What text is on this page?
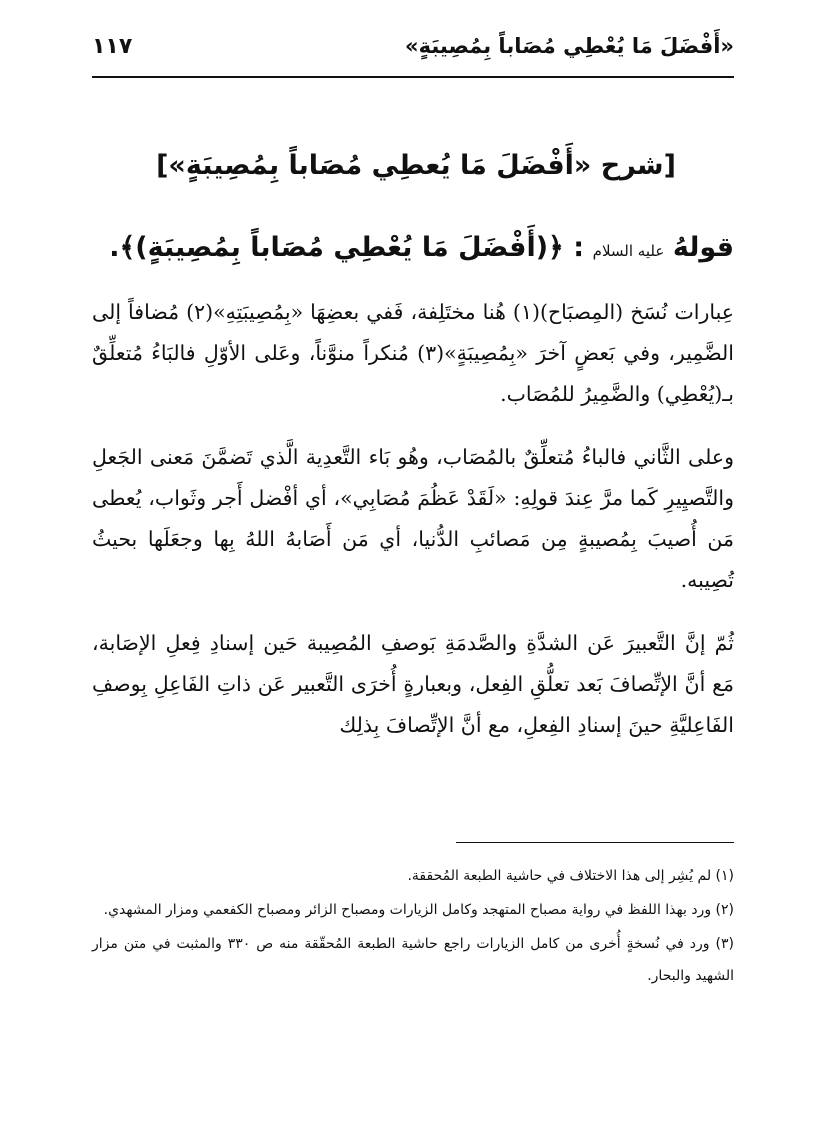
«أَفْضَلَ مَا يُعْطِي مُصَاباً بِمُصِيبَةٍ»
١١٧
[شرح «أَفْضَلَ مَا يُعطِي مُصَاباً بِمُصِيبَةٍ»]
قولهُ عليه السلام : ﴿(أَفْضَلَ مَا يُعْطِي مُصَاباً بِمُصِيبَةٍ)﴾.

عِبارات نُسَخ (المِصبَاح)(١) هُنا مختَلِفة، فَفي بعضِهَا «بِمُصِيبَتِهِ»(٢) مُضافاً إلى الضَّمِير، وفي بَعضٍ آخرَ «بِمُصِيبَةٍ»(٣) مُنكراً منوَّناً، وعَلى الأوّلِ فالبَاءُ مُتعلِّقٌ بـ(يُعْطِي) والضَّمِيرُ للمُصَاب.

وعلى الثَّاني فالباءُ مُتعلِّقٌ بالمُصَاب، وهُو بَاء التَّعدِية الَّذي تَضمَّنَ مَعنى الجَعلِ والتَّصيِيرِ كَما مرَّ عِندَ قولِهِ: «لَقَدْ عَظُمَ مُصَابِي»، أي أفْضل أَجر وثَواب، يُعطى مَن أُصيبَ بِمُصيبةٍ مِن مَصائبِ الدُّنيا، أي مَن أَصَابهُ اللهُ بِها وجعَلَها بحيثُ تُصِيبه.

ثُمّ إنَّ التَّعبيرَ عَن الشدَّةِ والصَّدمَةِ بَوصفِ المُصِيبة حَين إسنادِ فِعلِ الإصَابة، مَع أنَّ الإتِّصافَ بَعد تعلُّقِ الفِعل، وبعبارةٍ أُخرَى التَّعبير عَن ذاتِ الفَاعِلِ بِوصفِ الفَاعِليَّةِ حينَ إسنادِ الفِعلِ، مع أنَّ الإتِّصافَ بِذلِك

(١) لم يُشِر إلى هذا الاختلاف في حاشية الطبعة المُحققة.
(٢) ورد بهذا اللفظ في رواية مصباح المتهجد وكامل الزيارات ومصباح الزائر ومصباح الكفعمي ومزار المشهدي.
(٣) ورد في نُسخةٍ أُخرى من كامل الزيارات راجع حاشية الطبعة المُحقّقة منه ص ٣٣٠ والمثبت في متن مزار الشهيد والبحار.
